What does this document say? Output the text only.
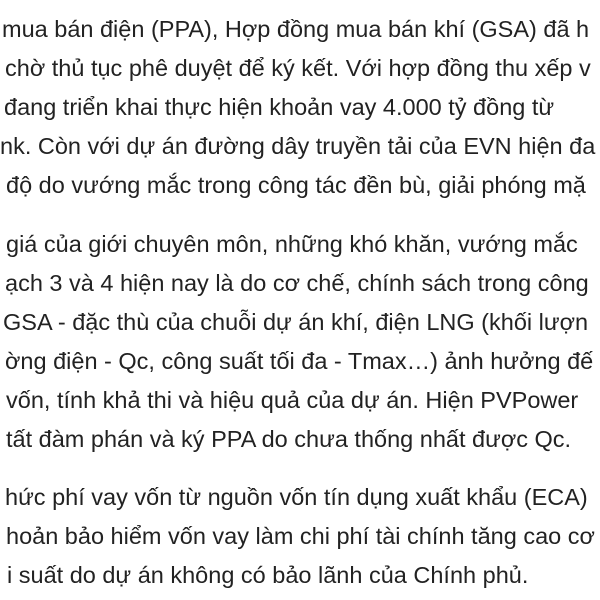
mua bán điện (PPA), Hợp đồng mua bán khí (GSA) đã h
chờ thủ tục phê duyệt để ký kết. Với hợp đồng thu xếp v
đang triển khai thực hiện khoản vay 4.000 tỷ đồng từ
nk. Còn với dự án đường dây truyền tải của EVN hiện đa
độ do vướng mắc trong công tác đền bù, giải phóng mặ

giá của giới chuyên môn, những khó khăn, vướng mắc
ạch 3 và 4 hiện nay là do cơ chế, chính sách trong công
GSA - đặc thù của chuỗi dự án khí, điện LNG (khối lượn
ờng điện - Qc, công suất tối đa - Tmax…) ảnh hưởng đế
vốn, tính khả thi và hiệu quả của dự án. Hiện PVPower
tất đàm phán và ký PPA do chưa thống nhất được Qc.

hức phí vay vốn từ nguồn vốn tín dụng xuất khẩu (ECA)
hoản bảo hiểm vốn vay làm chi phí tài chính tăng cao cơ
i suất do dự án không có bảo lãnh của Chính phủ.
